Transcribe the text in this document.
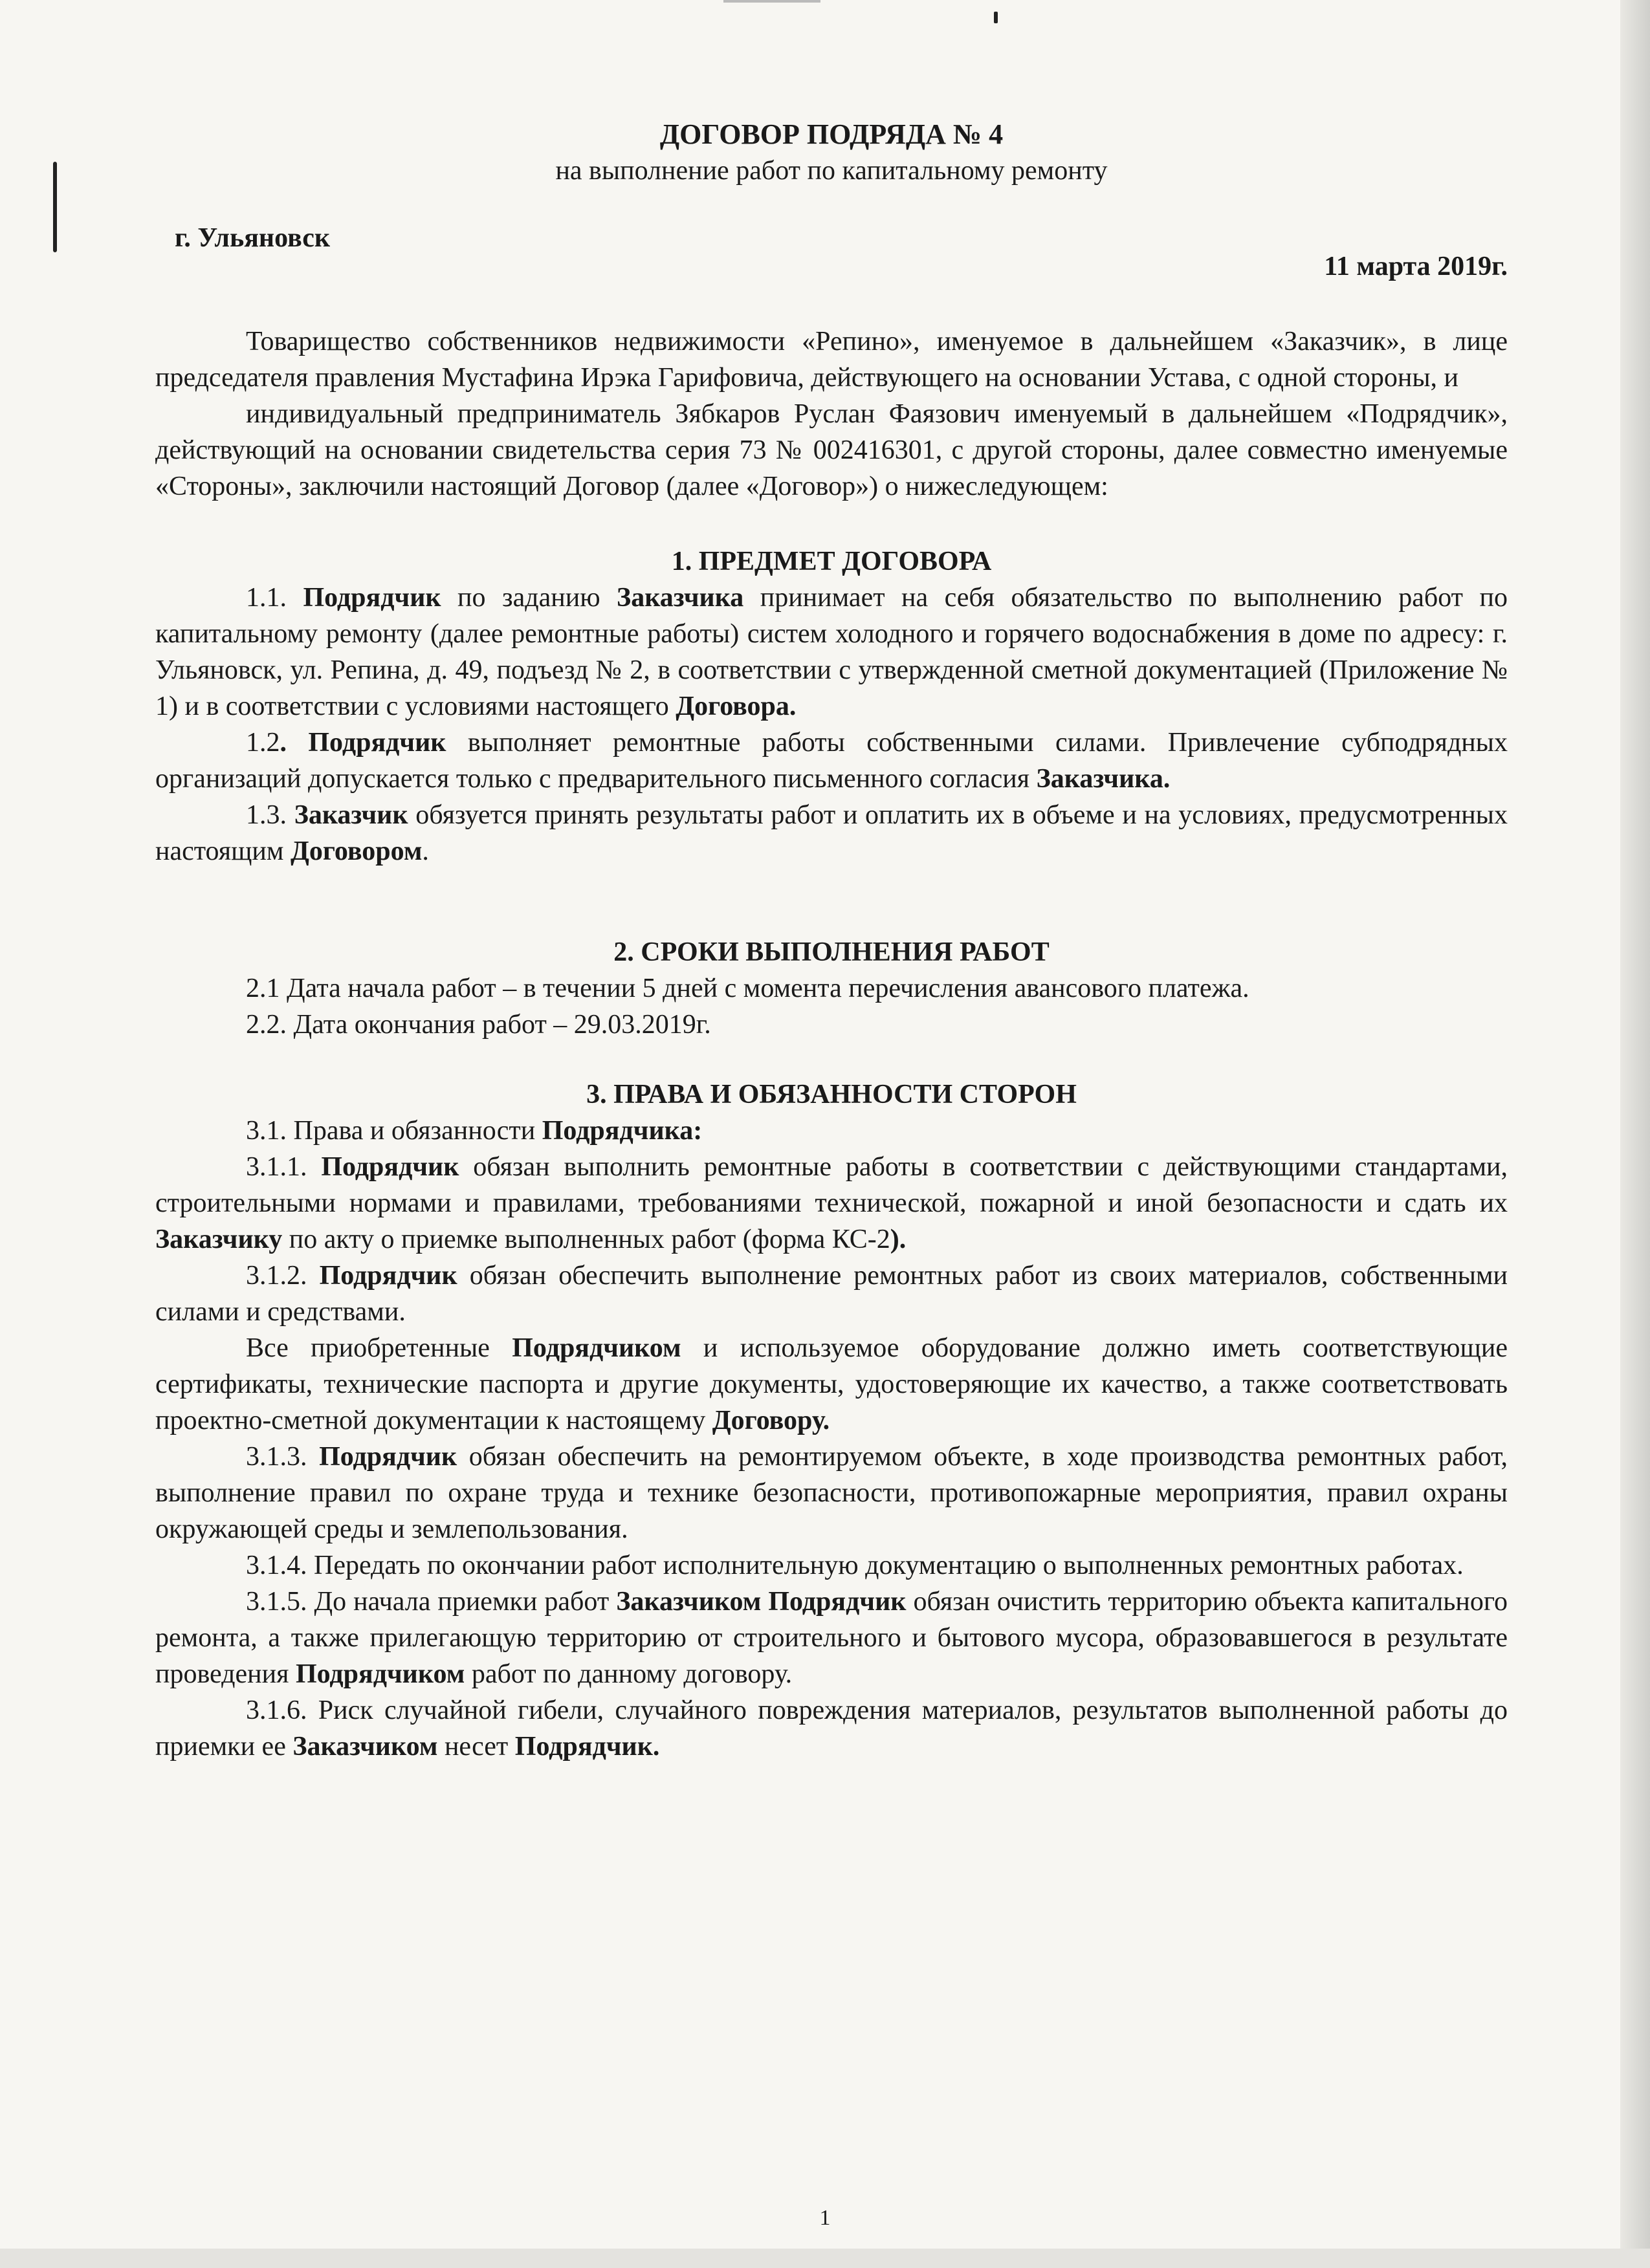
ДОГОВОР ПОДРЯДА № 4

на выполнение работ по капитальному ремонту

г. Ульяновск
11 марта 2019г.

Товарищество собственников недвижимости «Репино», именуемое в дальнейшем «Заказчик», в лице председателя правления Мустафина Ирэка Гарифовича, действующего на основании Устава, с одной стороны, и

индивидуальный предприниматель Зябкаров Руслан Фаязович именуемый в дальнейшем «Подрядчик», действующий на основании свидетельства серия 73 № 002416301, с другой стороны, далее совместно именуемые «Стороны», заключили настоящий Договор (далее «Договор») о нижеследующем:

1. ПРЕДМЕТ ДОГОВОРА

1.1. Подрядчик по заданию Заказчика принимает на себя обязательство по выполнению работ по капитальному ремонту (далее ремонтные работы) систем холодного и горячего водоснабжения в доме по адресу: г. Ульяновск, ул. Репина, д. 49, подъезд № 2, в соответствии с утвержденной сметной документацией (Приложение № 1) и в соответствии с условиями настоящего Договора.

1.2. Подрядчик выполняет ремонтные работы собственными силами. Привлечение субподрядных организаций допускается только с предварительного письменного согласия Заказчика.

1.3. Заказчик обязуется принять результаты работ и оплатить их в объеме и на условиях, предусмотренных настоящим Договором.

2. СРОКИ ВЫПОЛНЕНИЯ РАБОТ

2.1 Дата начала работ – в течении 5 дней с момента перечисления авансового платежа.

2.2. Дата окончания работ – 29.03.2019г.

3. ПРАВА И ОБЯЗАННОСТИ СТОРОН

3.1. Права и обязанности Подрядчика:

3.1.1. Подрядчик обязан выполнить ремонтные работы в соответствии с действующими стандартами, строительными нормами и правилами, требованиями технической, пожарной и иной безопасности и сдать их Заказчику по акту о приемке выполненных работ (форма КС-2).

3.1.2. Подрядчик обязан обеспечить выполнение ремонтных работ из своих материалов, собственными силами и средствами.

Все приобретенные Подрядчиком и используемое оборудование должно иметь соответствующие сертификаты, технические паспорта и другие документы, удостоверяющие их качество, а также соответствовать проектно-сметной документации к настоящему Договору.

3.1.3. Подрядчик обязан обеспечить на ремонтируемом объекте, в ходе производства ремонтных работ, выполнение правил по охране труда и технике безопасности, противопожарные мероприятия, правил охраны окружающей среды и землепользования.

3.1.4. Передать по окончании работ исполнительную документацию о выполненных ремонтных работах.

3.1.5. До начала приемки работ Заказчиком Подрядчик обязан очистить территорию объекта капитального ремонта, а также прилегающую территорию от строительного и бытового мусора, образовавшегося в результате проведения Подрядчиком работ по данному договору.

3.1.6. Риск случайной гибели, случайного повреждения материалов, результатов выполненной работы до приемки ее Заказчиком несет Подрядчик.

1
